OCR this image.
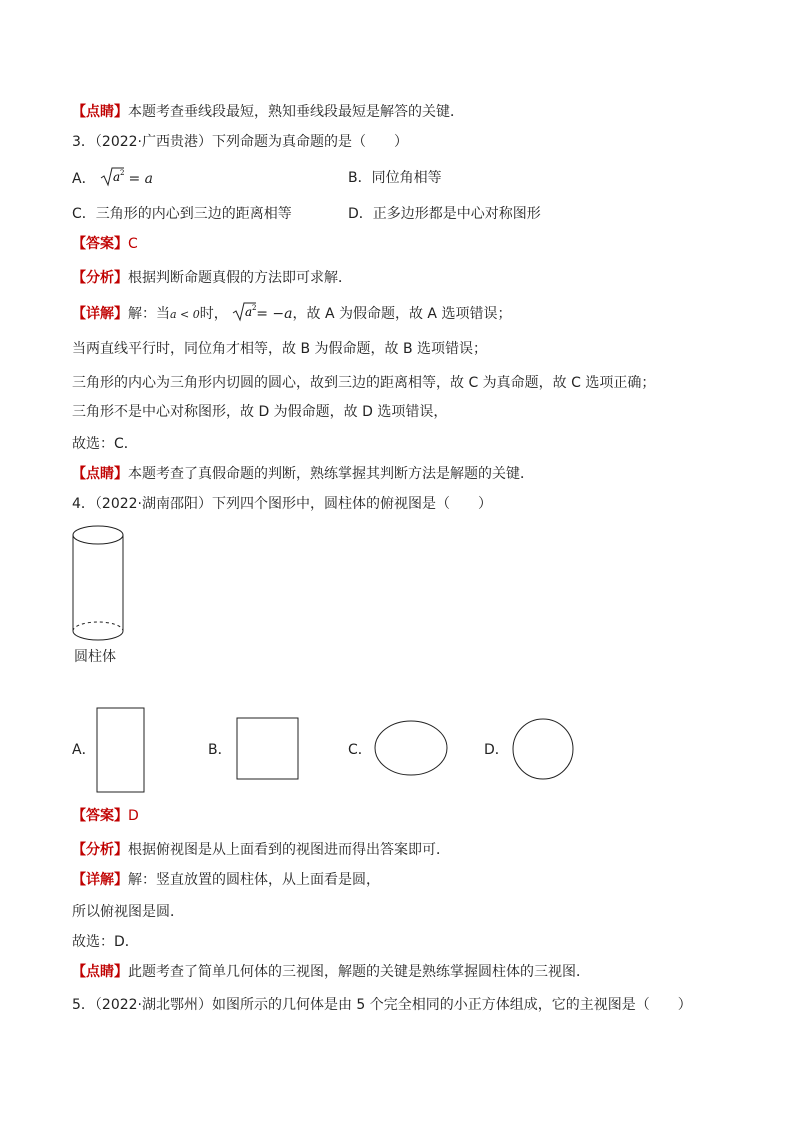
【点睛】本题考查垂线段最短，熟知垂线段最短是解答的关键．
3．（2022·广西贵港）下列命题为真命题的是（　　）
A． a 2 = a	B．同位角相等
C．三角形的内心到三边的距离相等	D．正多边形都是中心对称图形
【答案】C
【分析】根据判断命题真假的方法即可求解．
【详解】解：当a < 0时， a 2 = −a，故 A 为假命题，故 A 选项错误；
当两直线平行时，同位角才相等，故 B 为假命题，故 B 选项错误；
三角形的内心为三角形内切圆的圆心，故到三边的距离相等，故 C 为真命题，故 C 选项正确；
三角形不是中心对称图形，故 D 为假命题，故 D 选项错误，
故选：C．
【点睛】本题考查了真假命题的判断，熟练掌握其判断方法是解题的关键．
4．（2022·湖南邵阳）下列四个图形中，圆柱体的俯视图是（　　）
圆柱体
A．	B．	C．	D．
【答案】D
【分析】根据俯视图是从上面看到的视图进而得出答案即可．
【详解】解：竖直放置的圆柱体，从上面看是圆，
所以俯视图是圆．
故选：D．
【点睛】此题考查了简单几何体的三视图，解题的关键是熟练掌握圆柱体的三视图．
5．（2022·湖北鄂州）如图所示的几何体是由 5 个完全相同的小正方体组成，它的主视图是（　　）
